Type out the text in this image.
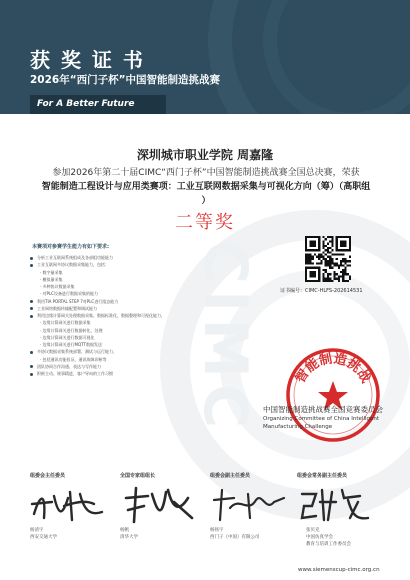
获 奖 证 书
2026年“西门子杯”中国智能制造挑战赛
For A Better Future
CIMC
深圳城市职业学院 周嘉隆
参加2026年第二十届CIMC“西门子杯”中国智能制造挑战赛全国总决赛，荣获
智能制造工程设计与应用类赛项：工业互联网数据采集与可视化方向（筹）（高职组
）
二等奖
本赛项对参赛学生能力有如下要求:
分析工业互联网系统组成及各部组功能能力
工业互联网多协议数据采集能力，包括：
· 数字量采集
· 模拟量采集
· 多种协议数据采集
· 对PLC设备进行数据采集的能力
利用TIA PORTAL STEP 7对PLC进行组态能力
工业网络数据传输配置和调试能力
利用边缘计算网关处理数据采集、数据标准化、数据整理和可视化能力，
· 边缘计算网关进行数据采集
· 边缘计算网关进行数据转化、处理
· 边缘计算网关进行数据可视化
· 边缘计算网关进行MQTT数据发送
多协议数据采集系统部署、测试与运行能力，
· 包括通讯功能验证、通讯故障诊断等
团队协同合作沟通、表达与写作能力
积极主动、规事精进，客户导向的工作习惯
证书编号：CIMC-HLFS-202614531
智能制造挑战
中国智能制造挑战赛全国竞赛委员会
Organizing Committee of China Intelligent
Manufacturing Challenge
组委会主任委员	全国专家组组长	组委会副主任委员	组委会常务副主任委员
杨清宇
西安交通大学
杨帆
清华大学
杨扬宇
西门子（中国）有限公司
张贝克
中国仿真学会
教育与培训工作委员会
www.siemenscup-cimc.org.cn
